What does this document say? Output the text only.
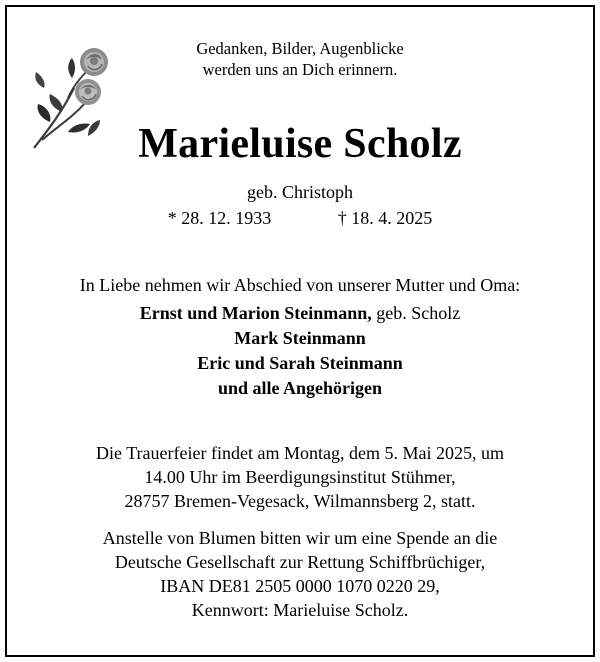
Gedanken, Bilder, Augenblicke
werden uns an Dich erinnern.
Marieluise Scholz
geb. Christoph
* 28. 12. 1933	† 18. 4. 2025
In Liebe nehmen wir Abschied von unserer Mutter und Oma:
Ernst und Marion Steinmann, geb. Scholz
Mark Steinmann
Eric und Sarah Steinmann
und alle Angehörigen
Die Trauerfeier findet am Montag, dem 5. Mai 2025, um
14.00 Uhr im Beerdigungsinstitut Stühmer,
28757 Bremen-Vegesack, Wilmannsberg 2, statt.
Anstelle von Blumen bitten wir um eine Spende an die
Deutsche Gesellschaft zur Rettung Schiffbrüchiger,
IBAN DE81 2505 0000 1070 0220 29,
Kennwort: Marieluise Scholz.
